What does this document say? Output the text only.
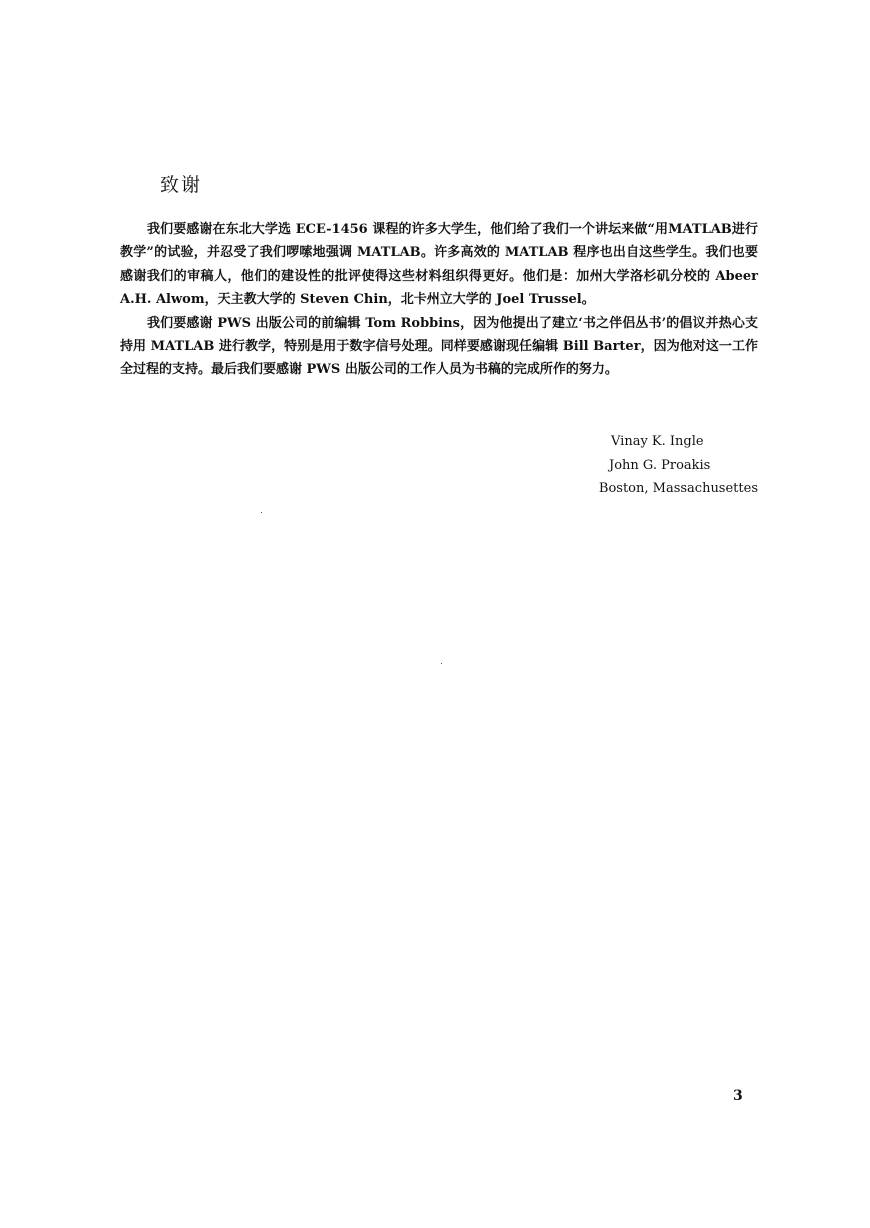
致谢

我们要感谢在东北大学选 ECE-1456 课程的许多大学生，他们给了我们一个讲坛来做“用MATLAB进行教学”的试验，并忍受了我们啰嗦地强调 MATLAB。许多高效的 MATLAB 程序也出自这些学生。我们也要感谢我们的审稿人，他们的建设性的批评使得这些材料组织得更好。他们是：加州大学洛杉矶分校的 Abeer A.H. Alwom，天主教大学的 Steven Chin，北卡州立大学的 Joel Trussel。

我们要感谢 PWS 出版公司的前编辑 Tom Robbins，因为他提出了建立‘书之伴侣丛书’的倡议并热心支持用 MATLAB 进行教学，特别是用于数字信号处理。同样要感谢现任编辑 Bill Barter，因为他对这一工作全过程的支持。最后我们要感谢 PWS 出版公司的工作人员为书稿的完成所作的努力。

Vinay K. Ingle
John G. Proakis
Boston, Massachusettes
3
